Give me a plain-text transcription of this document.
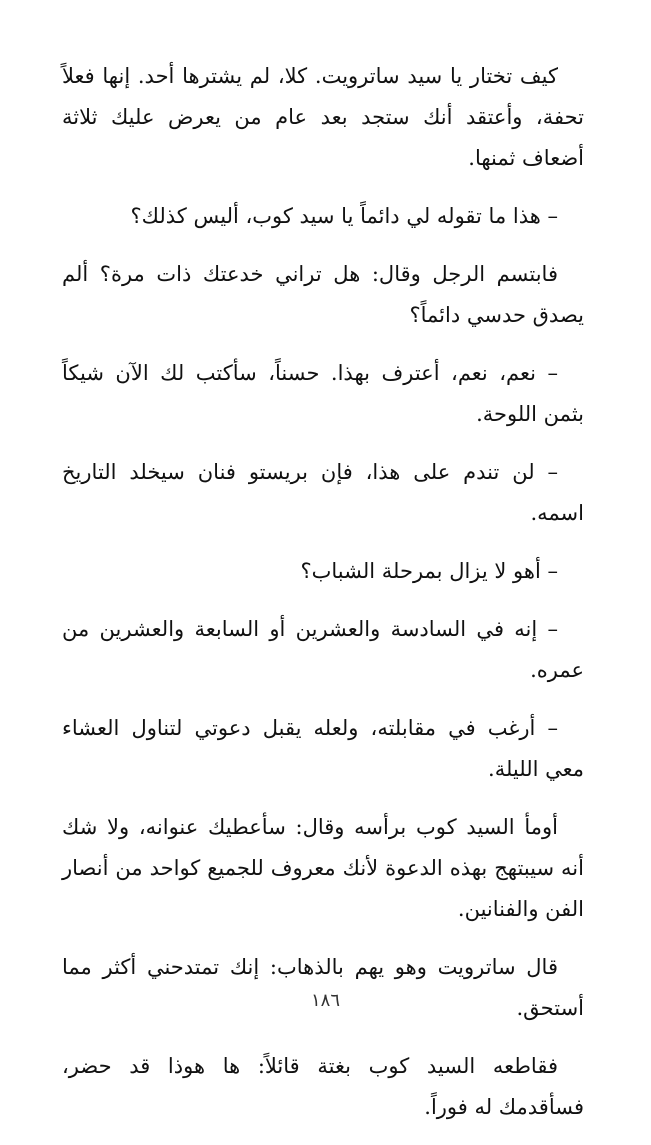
كيف تختار يا سيد ساترويت. كلا، لم يشترها أحد. إنها فعلاً تحفة، وأعتقد أنك ستجد بعد عام من يعرض عليك ثلاثة أضعاف ثمنها.

– هذا ما تقوله لي دائماً يا سيد كوب، أليس كذلك؟

فابتسم الرجل وقال: هل تراني خدعتك ذات مرة؟ ألم يصدق حدسي دائماً؟

– نعم، نعم، أعترف بهذا. حسناً، سأكتب لك الآن شيكاً بثمن اللوحة.

– لن تندم على هذا، فإن بريستو فنان سيخلد التاريخ اسمه.

– أهو لا يزال بمرحلة الشباب؟

– إنه في السادسة والعشرين أو السابعة والعشرين من عمره.

– أرغب في مقابلته، ولعله يقبل دعوتي لتناول العشاء معي الليلة.

أومأ السيد كوب برأسه وقال: سأعطيك عنوانه، ولا شك أنه سيبتهج بهذه الدعوة لأنك معروف للجميع كواحد من أنصار الفن والفنانين.

قال ساترويت وهو يهم بالذهاب: إنك تمتدحني أكثر مما أستحق.

فقاطعه السيد كوب بغتة قائلاً: ها هوذا قد حضر، فسأقدمك له فوراً.

١٨٦
